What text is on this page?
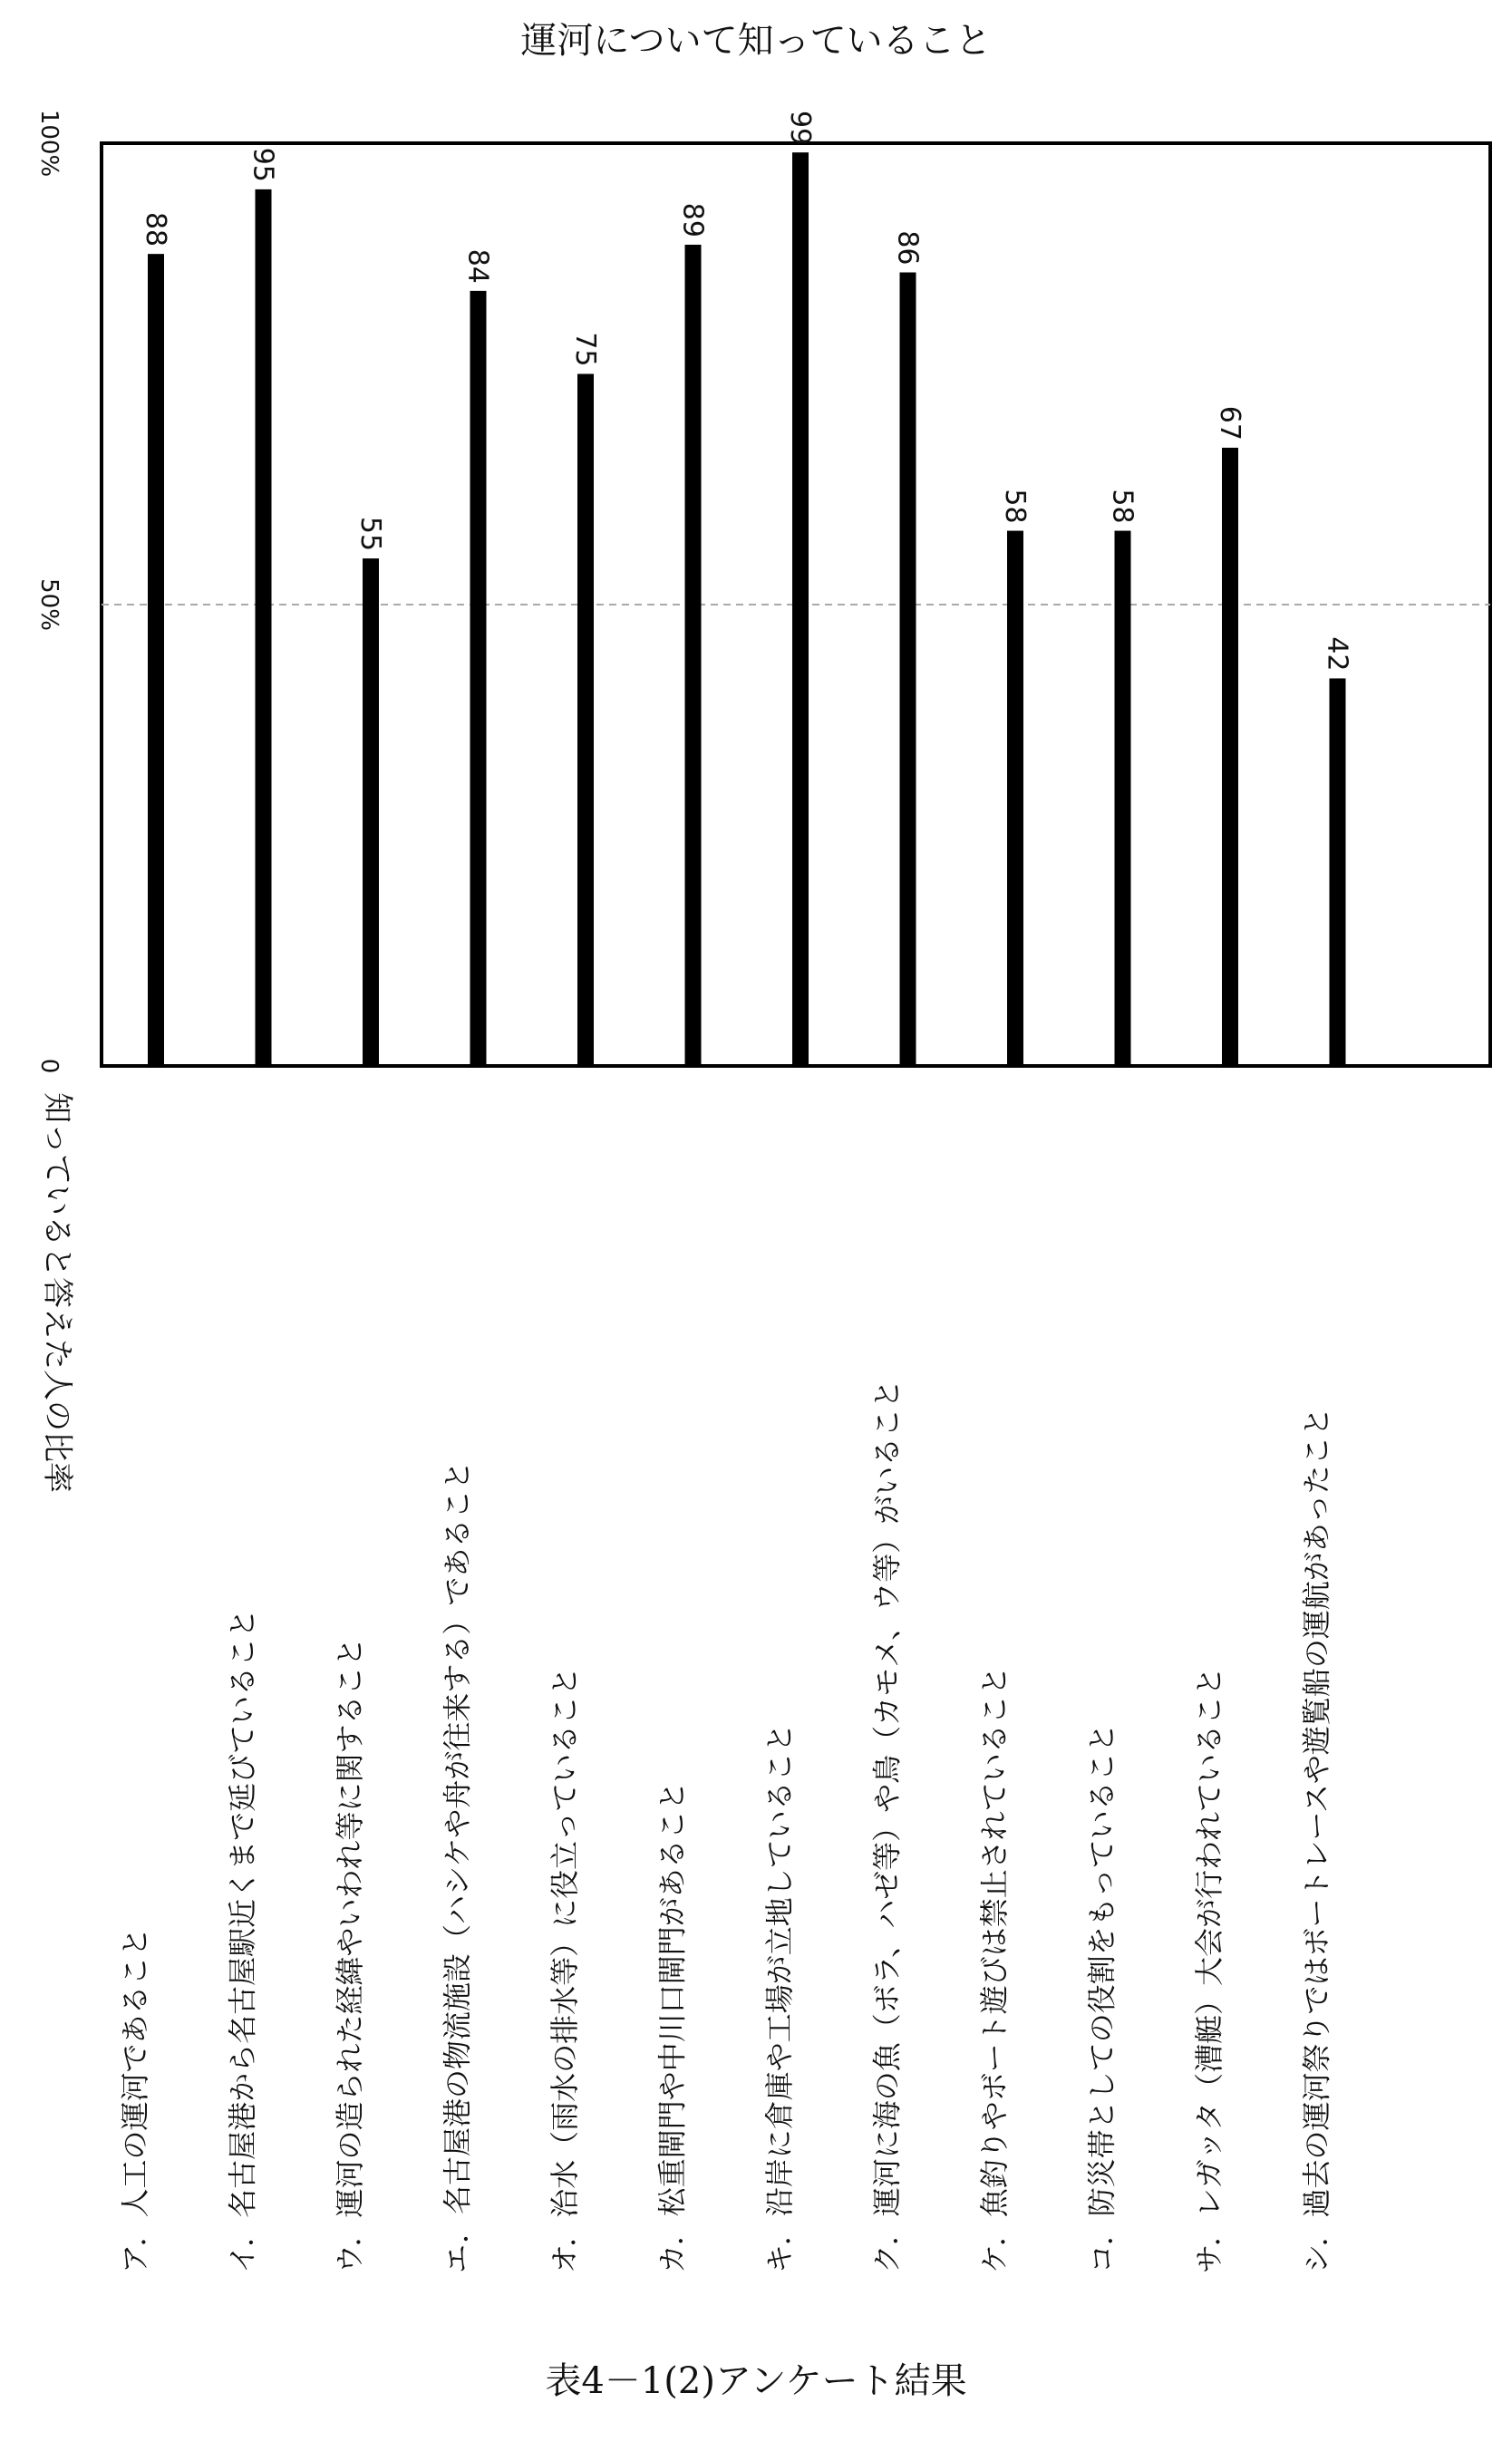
運河について知っていること
88
95
55
84
75
89
99
86
58	58
67
42
0
50%
100%
知っていると答えた人の比率
ア．人工の運河であること	イ．名古屋港から名古屋駅近くまで延びていること	ウ．運河の造られた経緯やいわれ等に関すること	エ．名古屋港の物流施設（ハシケや舟が往来する）であること	オ．治水（雨水の排水等）に役立っていること	カ．松重閘門や中川口閘門があること	キ．沿岸に倉庫や工場が立地していること	ク．運河に海の魚（ボラ、ハゼ等）や鳥（カモメ、ウ等）がいること	ケ．魚釣りやボート遊びは禁止されていること	コ．防災帯としての役割をもっていること	サ．レガッタ（漕艇）大会が行われていること	シ．過去の運河祭りではボートレースや遊覧船の運航があったこと
表4－1(2)アンケート結果
